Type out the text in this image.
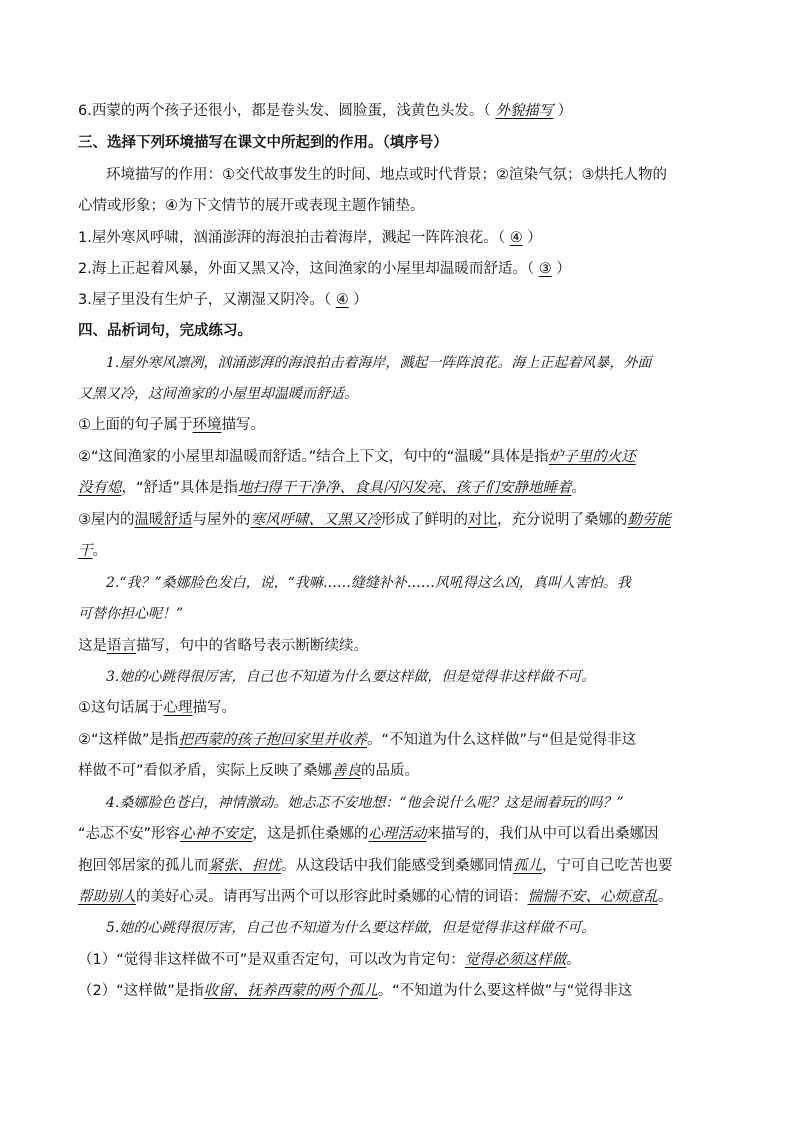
6.西蒙的两个孩子还很小，都是卷头发、圆脸蛋，浅黄色头发。（ 外貌描写 ）
三、选择下列环境描写在课文中所起到的作用。（填序号）
环境描写的作用：①交代故事发生的时间、地点或时代背景；②渲染气氛；③烘托人物的
心情或形象；④为下文情节的展开或表现主题作铺垫。
1.屋外寒风呼啸，汹涌澎湃的海浪拍击着海岸，溅起一阵阵浪花。（ ④ ）
2.海上正起着风暴，外面又黑又冷，这间渔家的小屋里却温暖而舒适。（ ③ ）
3.屋子里没有生炉子，又潮湿又阴冷。（ ④ ）
四、品析词句，完成练习。
1.屋外寒风凛冽，汹涌澎湃的海浪拍击着海岸，溅起一阵阵浪花。海上正起着风暴，外面
又黑又冷，这间渔家的小屋里却温暖而舒适。
①上面的句子属于环境描写。
②“这间渔家的小屋里却温暖而舒适。”结合上下文，句中的“温暖”具体是指炉子里的火还
没有熄，“舒适”具体是指地扫得干干净净、食具闪闪发亮、孩子们安静地睡着。
③屋内的温暖舒适与屋外的寒风呼啸、又黑又冷形成了鲜明的对比，充分说明了桑娜的勤劳能
干。
2.“我？”桑娜脸色发白，说，“我嘛……缝缝补补……风吼得这么凶，真叫人害怕。我
可替你担心呢！”
这是语言描写，句中的省略号表示断断续续。
3.她的心跳得很厉害，自己也不知道为什么要这样做，但是觉得非这样做不可。
①这句话属于心理描写。
②“这样做”是指把西蒙的孩子抱回家里并收养。“不知道为什么这样做”与“但是觉得非这
样做不可”看似矛盾，实际上反映了桑娜善良的品质。
4.桑娜脸色苍白，神情激动。她忐忑不安地想：“他会说什么呢？这是闹着玩的吗？”
“忐忑不安”形容心神不安定，这是抓住桑娜的心理活动来描写的，我们从中可以看出桑娜因
抱回邻居家的孤儿而紧张、担忧。从这段话中我们能感受到桑娜同情孤儿，宁可自己吃苦也要
帮助别人的美好心灵。请再写出两个可以形容此时桑娜的心情的词语：惴惴不安、心烦意乱。
5.她的心跳得很厉害，自己也不知道为什么要这样做，但是觉得非这样做不可。
（1）“觉得非这样做不可”是双重否定句，可以改为肯定句：觉得必须这样做。
（2）“这样做”是指收留、抚养西蒙的两个孤儿。“不知道为什么要这样做”与“觉得非这
